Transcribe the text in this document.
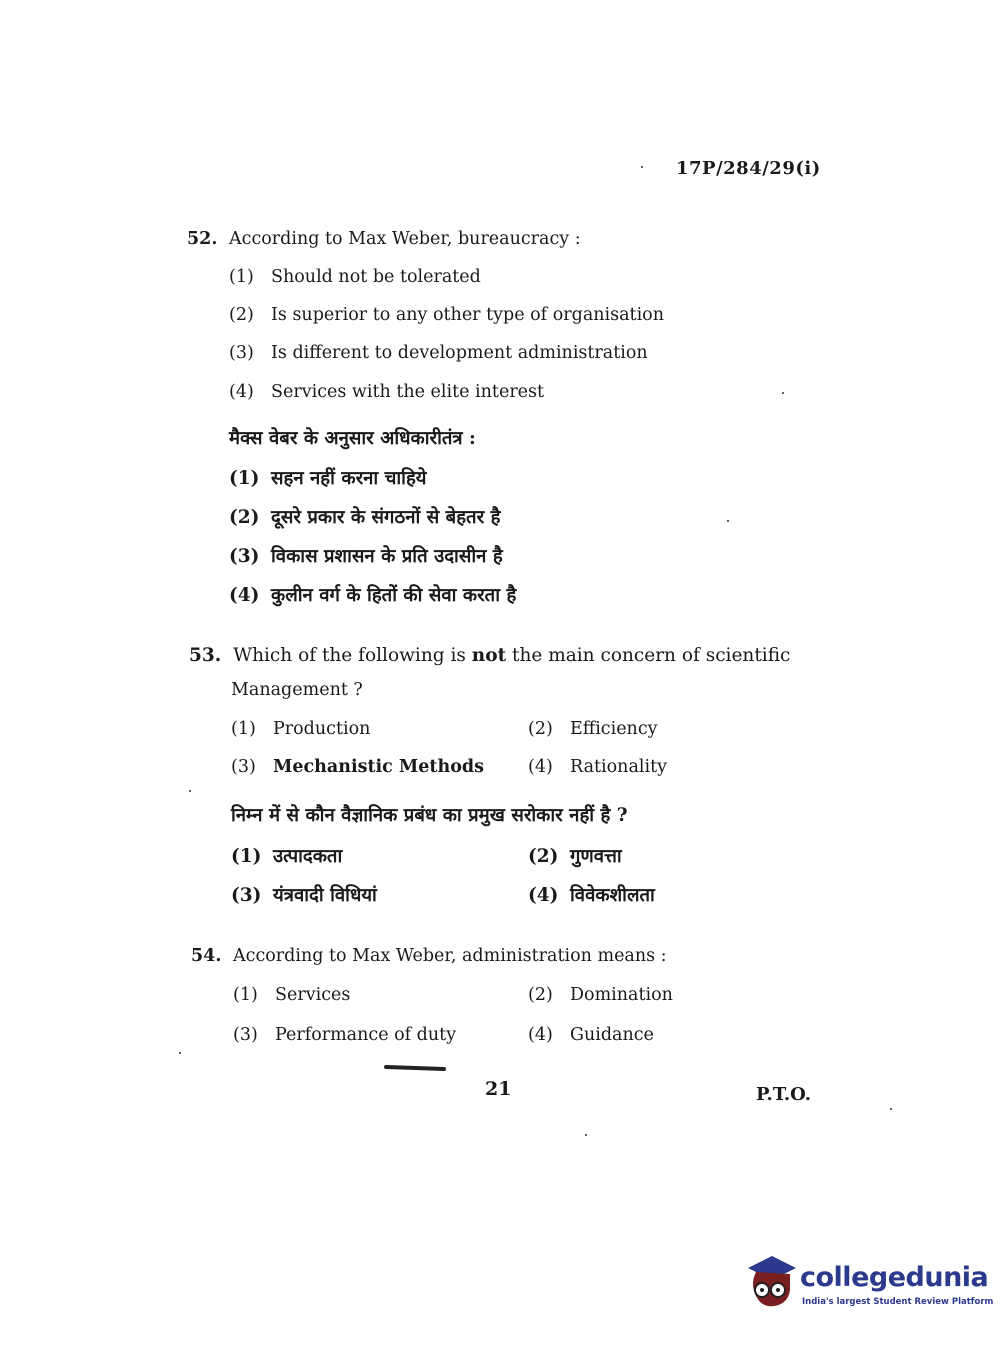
17P/284/29(i)
52. According to Max Weber, bureaucracy :
(1) Should not be tolerated
(2) Is superior to any other type of organisation
(3) Is different to development administration
(4) Services with the elite interest
मैक्स वेबर के अनुसार अधिकारीतंत्र :
(1) सहन नहीं करना चाहिये
(2) दूसरे प्रकार के संगठनों से बेहतर है
(3) विकास प्रशासन के प्रति उदासीन है
(4) कुलीन वर्ग के हितों की सेवा करता है
53. Which of the following is not the main concern of scientific
Management ?
(1) Production	(2) Efficiency
(3) Mechanistic Methods	(4) Rationality
निम्न में से कौन वैज्ञानिक प्रबंध का प्रमुख सरोकार नहीं है ?
(1) उत्पादकता	(2) गुणवत्ता
(3) यंत्रवादी विधियां	(4) विवेकशीलता
54. According to Max Weber, administration means :
(1) Services	(2) Domination
(3) Performance of duty	(4) Guidance
21	P.T.O.
collegedunia
India's largest Student Review Platform
